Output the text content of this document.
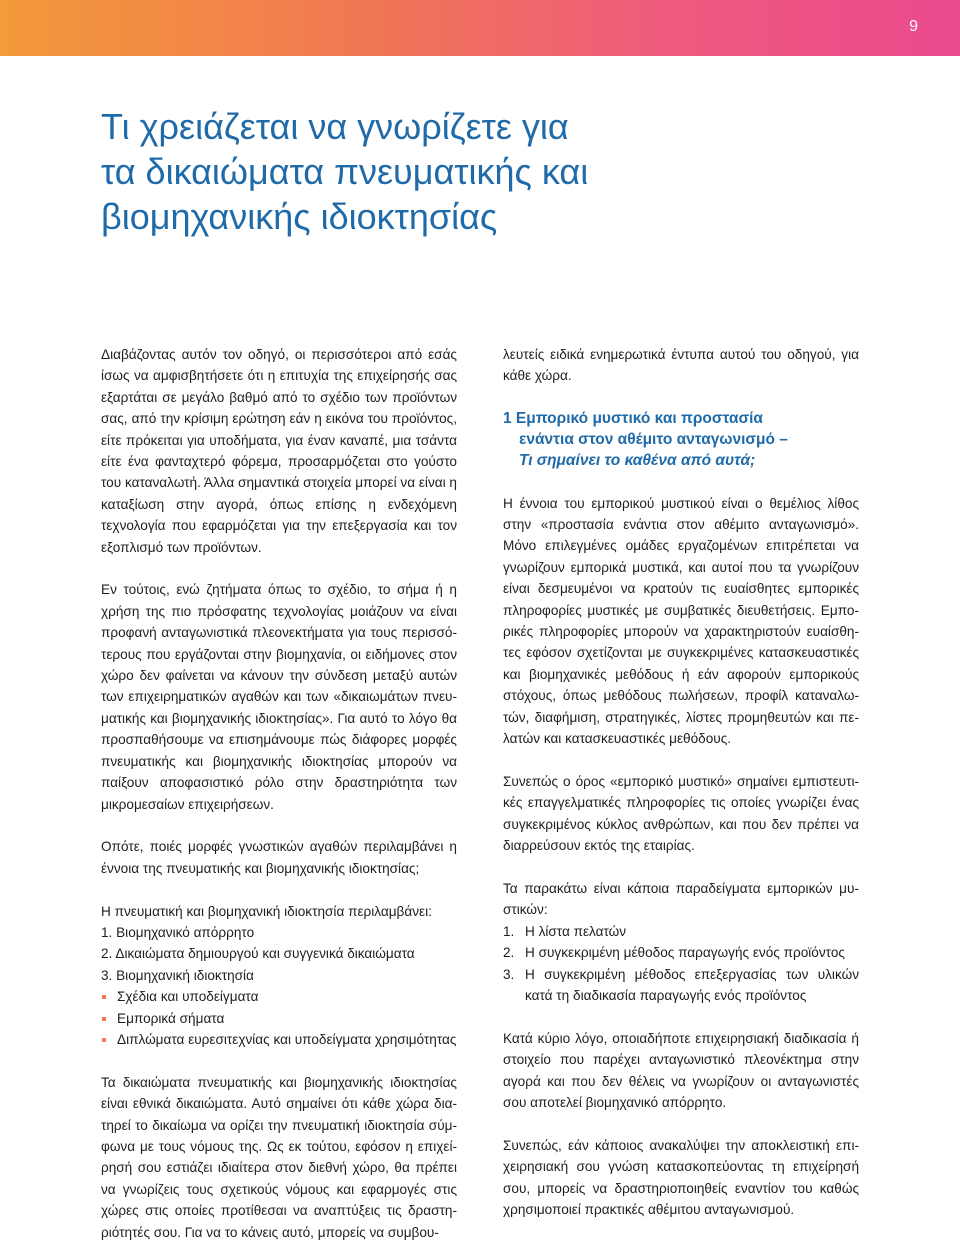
9
Τι χρειάζεται να γνωρίζετε για
τα δικαιώματα πνευματικής και
βιομηχανικής ιδιοκτησίας

Διαβάζοντας αυτόν τον οδηγό, οι περισσότεροι από εσάς ίσως να αμφισβητήσετε ότι η επιτυχία της επιχείρησής σας εξαρτάται σε μεγάλο βαθμό από το σχέδιο των προϊόντων σας, από την κρίσιμη ερώτηση εάν η εικόνα του προϊόντος, είτε πρόκειται για υποδήματα, για έναν καναπέ, μια τσάντα είτε ένα φανταχτερό φόρεμα, προσαρμόζεται στο γούστο του καταναλωτή. Άλλα σημαντικά στοιχεία μπορεί να είναι η καταξίωση στην αγορά, όπως επίσης η ενδεχόμενη τεχνολογία που εφαρμόζεται για την επεξεργασία και τον εξοπλισμό των προϊόντων.

Εν τούτοις, ενώ ζητήματα όπως το σχέδιο, το σήμα ή η χρήση της πιο πρόσφατης τεχνολογίας μοιάζουν να είναι προφανή ανταγωνιστικά πλεονεκτήματα για τους περισσότερους που εργάζονται στην βιομηχανία, οι ειδήμονες στον χώρο δεν φαίνεται να κάνουν την σύνδεση μεταξύ αυτών των επιχειρηματικών αγαθών και των «δικαιωμάτων πνευματικής και βιομηχανικής ιδιοκτησίας». Για αυτό το λόγο θα προσπαθήσουμε να επισημάνουμε πώς διάφορες μορφές πνευματικής και βιομηχανικής ιδιοκτησίας μπορούν να παίξουν αποφασιστικό ρόλο στην δραστηριότητα των μικρομεσαίων επιχειρήσεων.

Οπότε, ποιές μορφές γνωστικών αγαθών περιλαμβάνει η έννοια της πνευματικής και βιομηχανικής ιδιοκτησίας;

Η πνευματική και βιομηχανική ιδιοκτησία περιλαμβάνει:

1. Βιομηχανικό απόρρητο
2. Δικαιώματα δημιουργού και συγγενικά δικαιώματα
3. Βιομηχανική ιδιοκτησία
Σχέδια και υποδείγματα
Εμπορικά σήματα
Διπλώματα ευρεσιτεχνίας και υποδείγματα χρησιμότητας

Τα δικαιώματα πνευματικής και βιομηχανικής ιδιοκτησίας είναι εθνικά δικαιώματα. Αυτό σημαίνει ότι κάθε χώρα διατηρεί το δικαίωμα να ορίζει την πνευματική ιδιοκτησία σύμφωνα με τους νόμους της. Ως εκ τούτου, εφόσον η επιχείρησή σου εστιάζει ιδιαίτερα στον διεθνή χώρο, θα πρέπει να γνωρίζεις τους σχετικούς νόμους και εφαρμογές στις χώρες στις οποίες προτίθεσαι να αναπτύξεις τις δραστηριότητές σου. Για να το κάνεις αυτό, μπορείς να συμβου-

λευτείς ειδικά ενημερωτικά έντυπα αυτού του οδηγού, για κάθε χώρα.

1 Εμπορικό μυστικό και προστασία
ενάντια στον αθέμιτο ανταγωνισμό –
Τι σημαίνει το καθένα από αυτά;

Η έννοια του εμπορικού μυστικού είναι ο θεμέλιος λίθος στην «προστασία ενάντια στον αθέμιτο ανταγωνισμό». Μόνο επιλεγμένες ομάδες εργαζομένων επιτρέπεται να γνωρίζουν εμπορικά μυστικά, και αυτοί που τα γνωρίζουν είναι δεσμευμένοι να κρατούν τις ευαίσθητες εμπορικές πληροφορίες μυστικές με συμβατικές διευθετήσεις. Εμπορικές πληροφορίες μπορούν να χαρακτηριστούν ευαίσθητες εφόσον σχετίζονται με συγκεκριμένες κατασκευαστικές και βιομηχανικές μεθόδους ή εάν αφορούν εμπορικούς στόχους, όπως μεθόδους πωλήσεων, προφίλ καταναλωτών, διαφήμιση, στρατηγικές, λίστες προμηθευτών και πελατών και κατασκευαστικές μεθόδους.

Συνεπώς ο όρος «εμπορικό μυστικό» σημαίνει εμπιστευτικές επαγγελματικές πληροφορίες τις οποίες γνωρίζει ένας συγκεκριμένος κύκλος ανθρώπων, και που δεν πρέπει να διαρρεύσουν εκτός της εταιρίας.

Τα παρακάτω είναι κάποια παραδείγματα εμπορικών μυστικών:

1. Η λίστα πελατών
2. Η συγκεκριμένη μέθοδος παραγωγής ενός προϊόντος
3. Η συγκεκριμένη μέθοδος επεξεργασίας των υλικών κατά τη διαδικασία παραγωγής ενός προϊόντος

Κατά κύριο λόγο, οποιαδήποτε επιχειρησιακή διαδικασία ή στοιχείο που παρέχει ανταγωνιστικό πλεονέκτημα στην αγορά και που δεν θέλεις να γνωρίζουν οι ανταγωνιστές σου αποτελεί βιομηχανικό απόρρητο.

Συνεπώς, εάν κάποιος ανακαλύψει την αποκλειστική επιχειρησιακή σου γνώση κατασκοπεύοντας τη επιχείρησή σου, μπορείς να δραστηριοποιηθείς εναντίον του καθώς χρησιμοποιεί πρακτικές αθέμιτου ανταγωνισμού.
